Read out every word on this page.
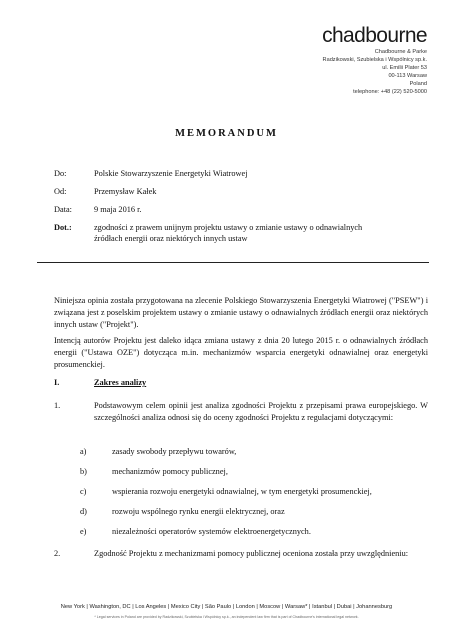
chadbourne
Chadbourne & Parke
Radzikowski, Szubielska i Wspólnicy sp.k.
ul. Emilii Plater 53
00-113 Warsaw
Poland
telephone: +48 (22) 520-5000
MEMORANDUM
Do:	Polskie Stowarzyszenie Energetyki Wiatrowej
Od:	Przemysław Kałek
Data:	9 maja 2016 r.
Dot.:	zgodności z prawem unijnym projektu ustawy o zmianie ustawy o odnawialnych
źródłach energii oraz niektórych innych ustaw

Niniejsza opinia została przygotowana na zlecenie Polskiego Stowarzyszenia Energetyki Wiatrowej ("PSEW") i związana jest z poselskim projektem ustawy o zmianie ustawy o odnawialnych źródłach energii oraz niektórych innych ustaw ("Projekt").

Intencją autorów Projektu jest daleko idąca zmiana ustawy z dnia 20 lutego 2015 r. o odnawialnych źródłach energii ("Ustawa OZE") dotycząca m.in. mechanizmów wsparcia energetyki odnawialnej oraz energetyki prosumenckiej.

I.	Zakres analizy
1.	Podstawowym celem opinii jest analiza zgodności Projektu z przepisami prawa europejskiego. W szczególności analiza odnosi się do oceny zgodności Projektu z regulacjami dotyczącymi:
a)	zasady swobody przepływu towarów,
b)	mechanizmów pomocy publicznej,
c)	wspierania rozwoju energetyki odnawialnej, w tym energetyki prosumenckiej,
d)	rozwoju wspólnego rynku energii elektrycznej, oraz
e)	niezależności operatorów systemów elektroenergetycznych.
2.	Zgodność Projektu z mechanizmami pomocy publicznej oceniona została przy uwzględnieniu:
New York | Washington, DC | Los Angeles | Mexico City | São Paulo | London | Moscow | Warsaw* | Istanbul | Dubai | Johannesburg
* Legal services in Poland are provided by Radzikowski, Szubielska i Wspólnicy sp.k., an independent law firm that is part of Chadbourne's international legal network.
